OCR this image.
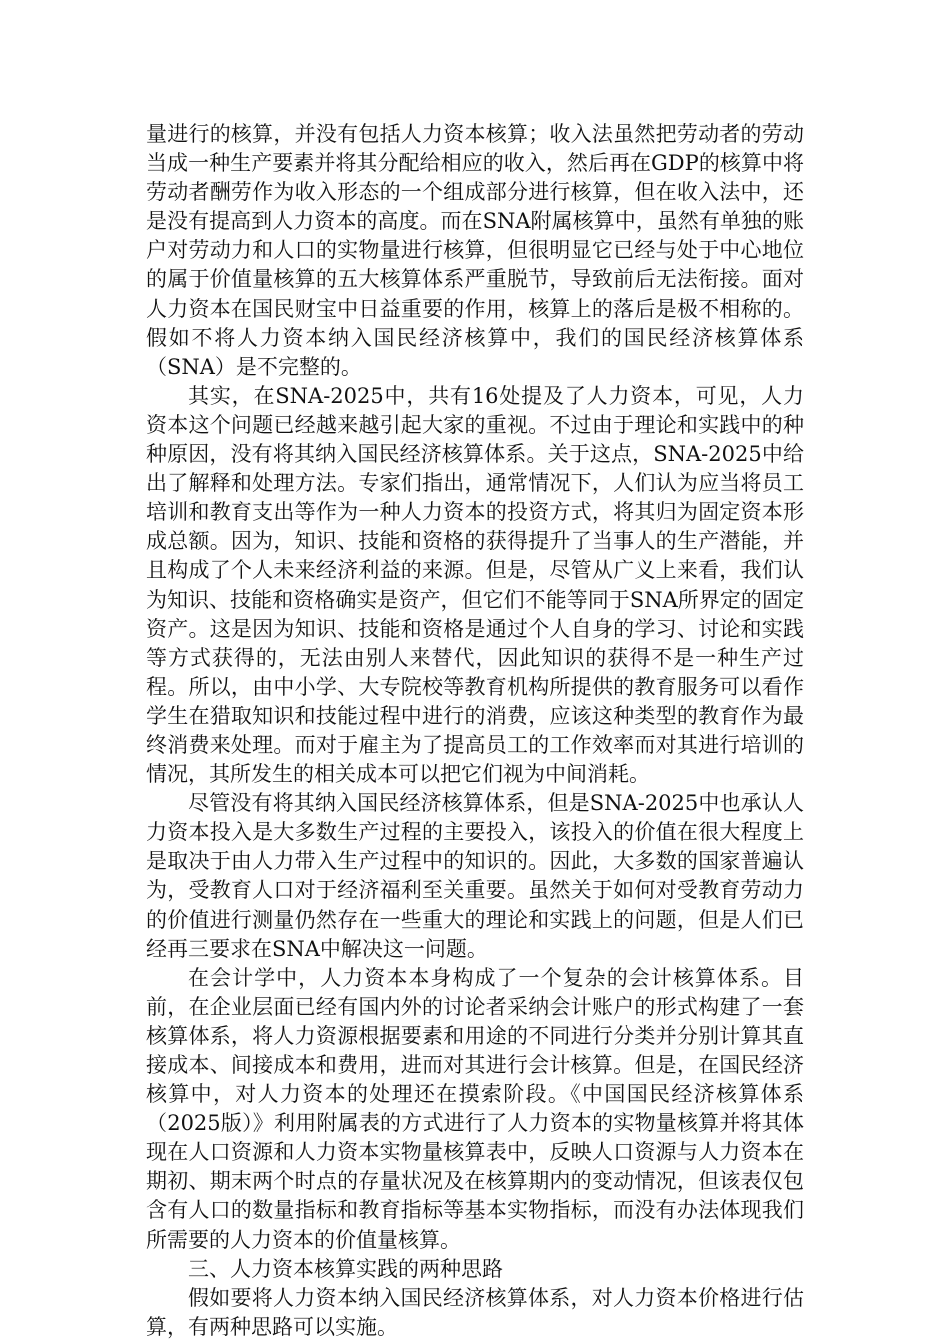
量进行的核算，并没有包括人力资本核算；收入法虽然把劳动者的劳动当成一种生产要素并将其分配给相应的收入，然后再在GDP的核算中将劳动者酬劳作为收入形态的一个组成部分进行核算，但在收入法中，还是没有提高到人力资本的高度。而在SNA附属核算中，虽然有单独的账户对劳动力和人口的实物量进行核算，但很明显它已经与处于中心地位的属于价值量核算的五大核算体系严重脱节，导致前后无法衔接。面对人力资本在国民财宝中日益重要的作用，核算上的落后是极不相称的。假如不将人力资本纳入国民经济核算中，我们的国民经济核算体系（SNA）是不完整的。

其实，在SNA-2025中，共有16处提及了人力资本，可见，人力资本这个问题已经越来越引起大家的重视。不过由于理论和实践中的种种原因，没有将其纳入国民经济核算体系。关于这点，SNA-2025中给出了解释和处理方法。专家们指出，通常情况下，人们认为应当将员工培训和教育支出等作为一种人力资本的投资方式，将其归为固定资本形成总额。因为，知识、技能和资格的获得提升了当事人的生产潜能，并且构成了个人未来经济利益的来源。但是，尽管从广义上来看，我们认为知识、技能和资格确实是资产，但它们不能等同于SNA所界定的固定资产。这是因为知识、技能和资格是通过个人自身的学习、讨论和实践等方式获得的，无法由别人来替代，因此知识的获得不是一种生产过程。所以，由中小学、大专院校等教育机构所提供的教育服务可以看作学生在猎取知识和技能过程中进行的消费，应该这种类型的教育作为最终消费来处理。而对于雇主为了提高员工的工作效率而对其进行培训的情况，其所发生的相关成本可以把它们视为中间消耗。

尽管没有将其纳入国民经济核算体系，但是SNA-2025中也承认人力资本投入是大多数生产过程的主要投入，该投入的价值在很大程度上是取决于由人力带入生产过程中的知识的。因此，大多数的国家普遍认为，受教育人口对于经济福利至关重要。虽然关于如何对受教育劳动力的价值进行测量仍然存在一些重大的理论和实践上的问题，但是人们已经再三要求在SNA中解决这一问题。

在会计学中，人力资本本身构成了一个复杂的会计核算体系。目前，在企业层面已经有国内外的讨论者采纳会计账户的形式构建了一套核算体系，将人力资源根据要素和用途的不同进行分类并分别计算其直接成本、间接成本和费用，进而对其进行会计核算。但是，在国民经济核算中，对人力资本的处理还在摸索阶段。《中国国民经济核算体系（2025版）》利用附属表的方式进行了人力资本的实物量核算并将其体现在人口资源和人力资本实物量核算表中，反映人口资源与人力资本在期初、期末两个时点的存量状况及在核算期内的变动情况，但该表仅包含有人口的数量指标和教育指标等基本实物指标，而没有办法体现我们所需要的人力资本的价值量核算。

三、人力资本核算实践的两种思路

假如要将人力资本纳入国民经济核算体系，对人力资本价格进行估算，有两种思路可以实施。
